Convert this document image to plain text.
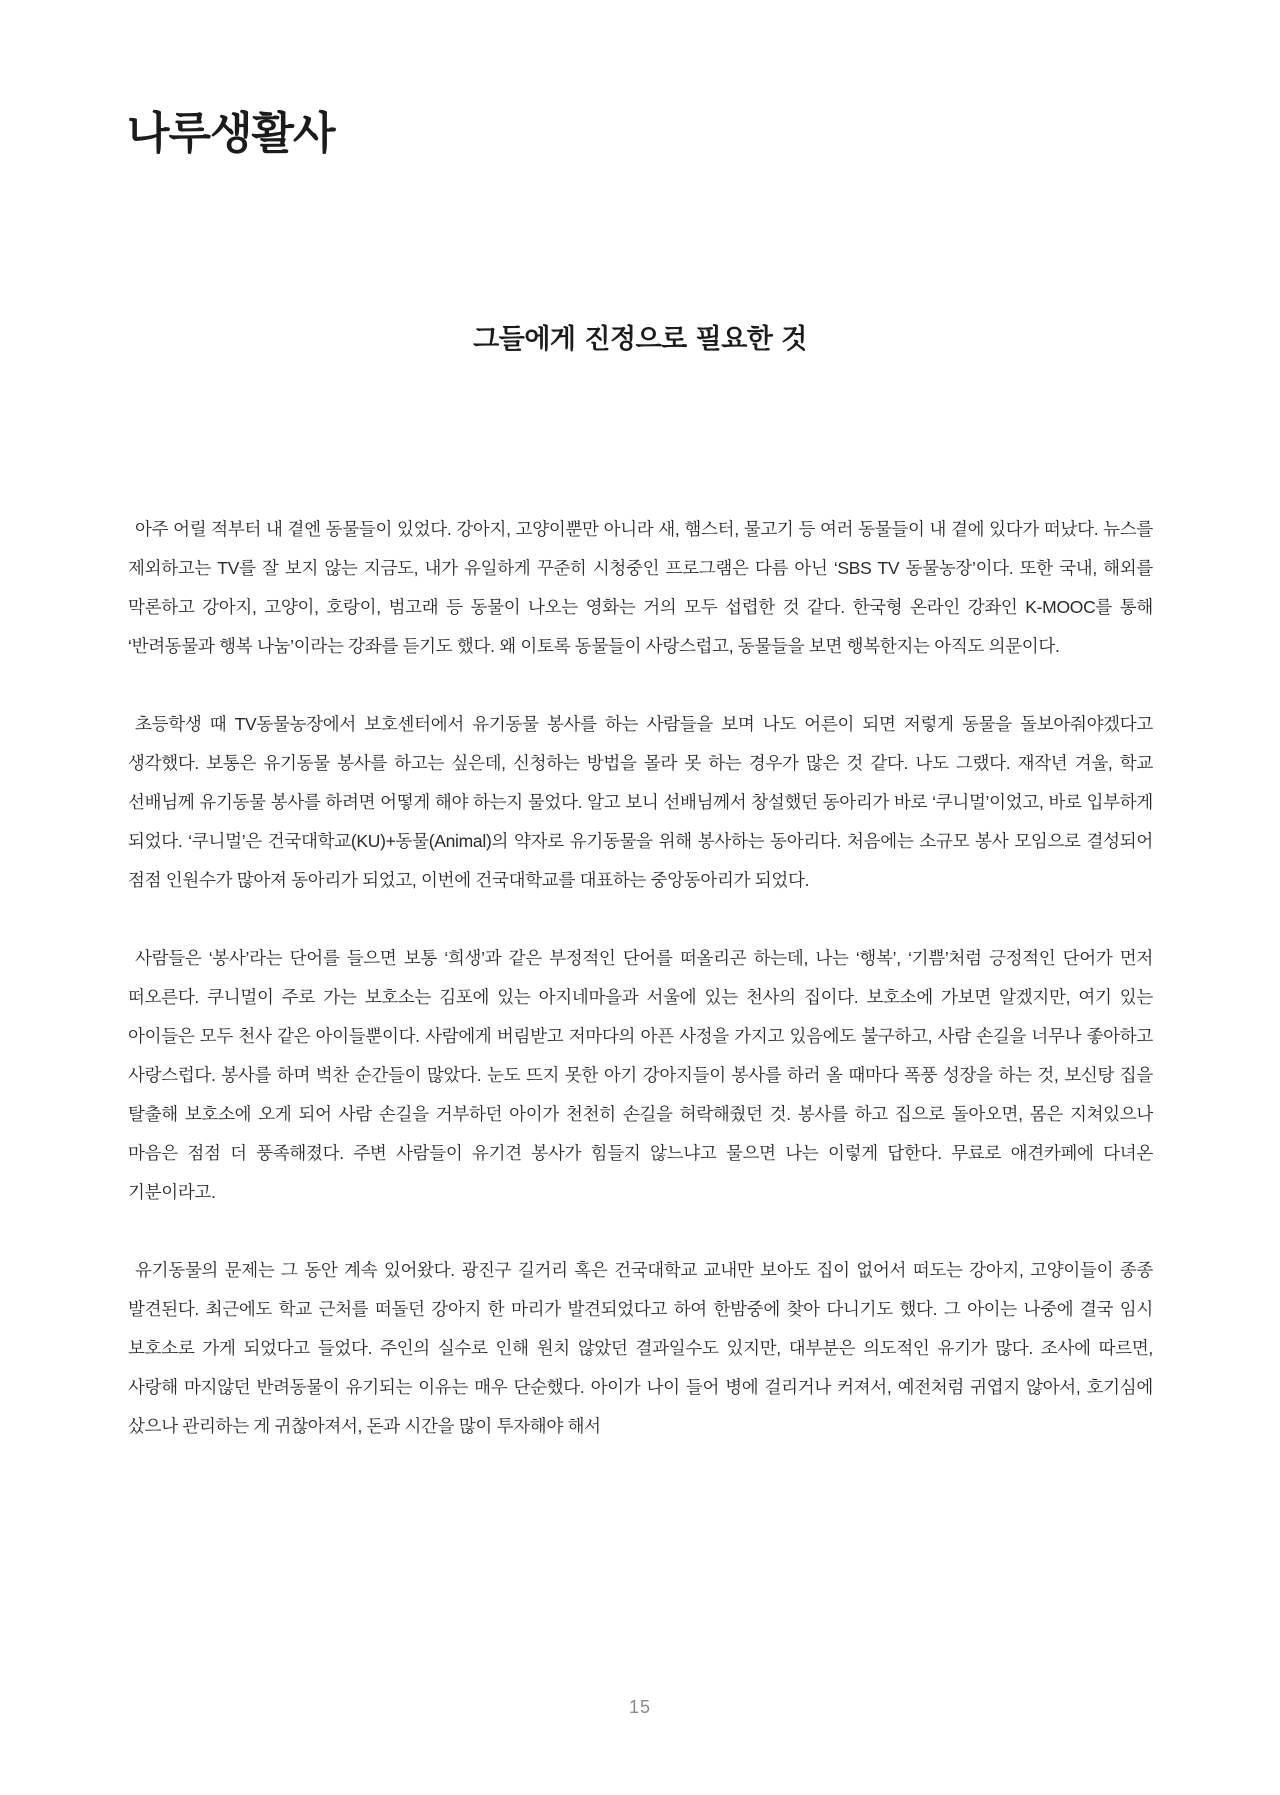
나루생활사
그들에게 진정으로 필요한 것

아주 어릴 적부터 내 곁엔 동물들이 있었다. 강아지, 고양이뿐만 아니라 새, 햄스터, 물고기 등 여러 동물들이 내 곁에 있다가 떠났다. 뉴스를 제외하고는 TV를 잘 보지 않는 지금도, 내가 유일하게 꾸준히 시청중인 프로그램은 다름 아닌 ‘SBS TV 동물농장’이다. 또한 국내, 해외를 막론하고 강아지, 고양이, 호랑이, 범고래 등 동물이 나오는 영화는 거의 모두 섭렵한 것 같다. 한국형 온라인 강좌인 K-MOOC를 통해 ‘반려동물과 행복 나눔’이라는 강좌를 듣기도 했다. 왜 이토록 동물들이 사랑스럽고, 동물들을 보면 행복한지는 아직도 의문이다.

초등학생 때 TV동물농장에서 보호센터에서 유기동물 봉사를 하는 사람들을 보며 나도 어른이 되면 저렇게 동물을 돌보아줘야겠다고 생각했다. 보통은 유기동물 봉사를 하고는 싶은데, 신청하는 방법을 몰라 못 하는 경우가 많은 것 같다. 나도 그랬다. 재작년 겨울, 학교 선배님께 유기동물 봉사를 하려면 어떻게 해야 하는지 물었다. 알고 보니 선배님께서 창설했던 동아리가 바로 ‘쿠니멀’이었고, 바로 입부하게 되었다. ‘쿠니멀’은 건국대학교(KU)+동물(Animal)의 약자로 유기동물을 위해 봉사하는 동아리다. 처음에는 소규모 봉사 모임으로 결성되어 점점 인원수가 많아져 동아리가 되었고, 이번에 건국대학교를 대표하는 중앙동아리가 되었다.

사람들은 ‘봉사’라는 단어를 들으면 보통 ‘희생’과 같은 부정적인 단어를 떠올리곤 하는데, 나는 ‘행복’, ‘기쁨’처럼 긍정적인 단어가 먼저 떠오른다. 쿠니멀이 주로 가는 보호소는 김포에 있는 아지네마을과 서울에 있는 천사의 집이다. 보호소에 가보면 알겠지만, 여기 있는 아이들은 모두 천사 같은 아이들뿐이다. 사람에게 버림받고 저마다의 아픈 사정을 가지고 있음에도 불구하고, 사람 손길을 너무나 좋아하고 사랑스럽다. 봉사를 하며 벅찬 순간들이 많았다. 눈도 뜨지 못한 아기 강아지들이 봉사를 하러 올 때마다 폭풍 성장을 하는 것, 보신탕 집을 탈출해 보호소에 오게 되어 사람 손길을 거부하던 아이가 천천히 손길을 허락해줬던 것. 봉사를 하고 집으로 돌아오면, 몸은 지쳐있으나 마음은 점점 더 풍족해졌다. 주변 사람들이 유기견 봉사가 힘들지 않느냐고 물으면 나는 이렇게 답한다. 무료로 애견카페에 다녀온 기분이라고.

유기동물의 문제는 그 동안 계속 있어왔다. 광진구 길거리 혹은 건국대학교 교내만 보아도 집이 없어서 떠도는 강아지, 고양이들이 종종 발견된다. 최근에도 학교 근처를 떠돌던 강아지 한 마리가 발견되었다고 하여 한밤중에 찾아 다니기도 했다. 그 아이는 나중에 결국 임시 보호소로 가게 되었다고 들었다. 주인의 실수로 인해 원치 않았던 결과일수도 있지만, 대부분은 의도적인 유기가 많다. 조사에 따르면, 사랑해 마지않던 반려동물이 유기되는 이유는 매우 단순했다. 아이가 나이 들어 병에 걸리거나 커져서, 예전처럼 귀엽지 않아서, 호기심에 샀으나 관리하는 게 귀찮아져서, 돈과 시간을 많이 투자해야 해서

15
